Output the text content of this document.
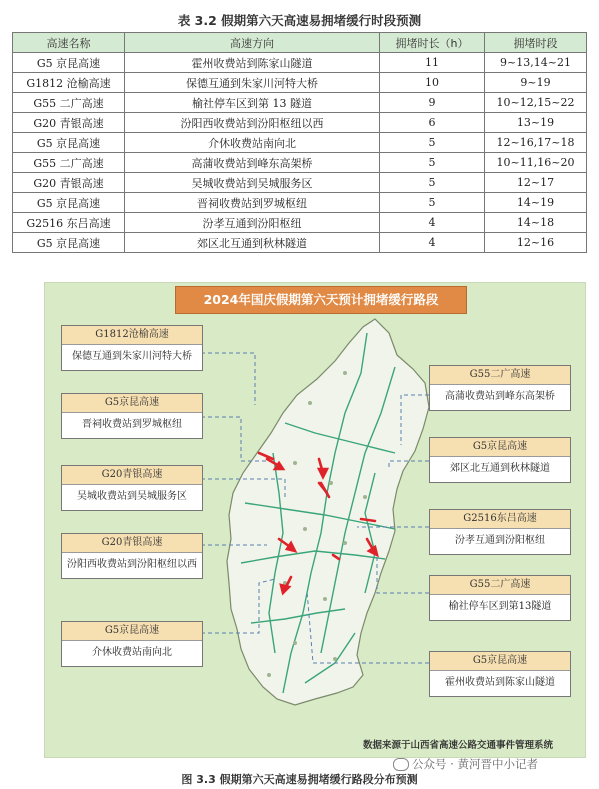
表 3.2 假期第六天高速易拥堵缓行时段预测
高速名称	高速方向	拥堵时长（h）	拥堵时段
G5 京昆高速	霍州收费站到陈家山隧道	11	9~13,14~21
G1812 沧榆高速	保德互通到朱家川河特大桥	10	9~19
G55 二广高速	榆社停车区到第 13 隧道	9	10~12,15~22
G20 青银高速	汾阳西收费站到汾阳枢纽以西	6	13~19
G5 京昆高速	介休收费站南向北	5	12~16,17~18
G55 二广高速	高蒲收费站到峰东高架桥	5	10~11,16~20
G20 青银高速	吴城收费站到吴城服务区	5	12~17
G5 京昆高速	晋祠收费站到罗城枢纽	5	14~19
G2516 东吕高速	汾孝互通到汾阳枢纽	4	14~18
G5 京昆高速	郊区北互通到秋林隧道	4	12~16
2024年国庆假期第六天预计拥堵缓行路段
G1812沧榆高速
保德互通到朱家川河特大桥
G5京昆高速
晋祠收费站到罗城枢纽
G20青银高速
吴城收费站到吴城服务区
G20青银高速
汾阳西收费站到汾阳枢纽以西
G5京昆高速
介休收费站南向北
G55二广高速
高蒲收费站到峰东高架桥
G5京昆高速
郊区北互通到秋林隧道
G2516东吕高速
汾孝互通到汾阳枢纽
G55二广高速
榆社停车区到第13隧道
G5京昆高速
霍州收费站到陈家山隧道
数据来源于山西省高速公路交通事件管理系统
公众号 · 黄河晋中小记者
图 3.3 假期第六天高速易拥堵缓行路段分布预测
